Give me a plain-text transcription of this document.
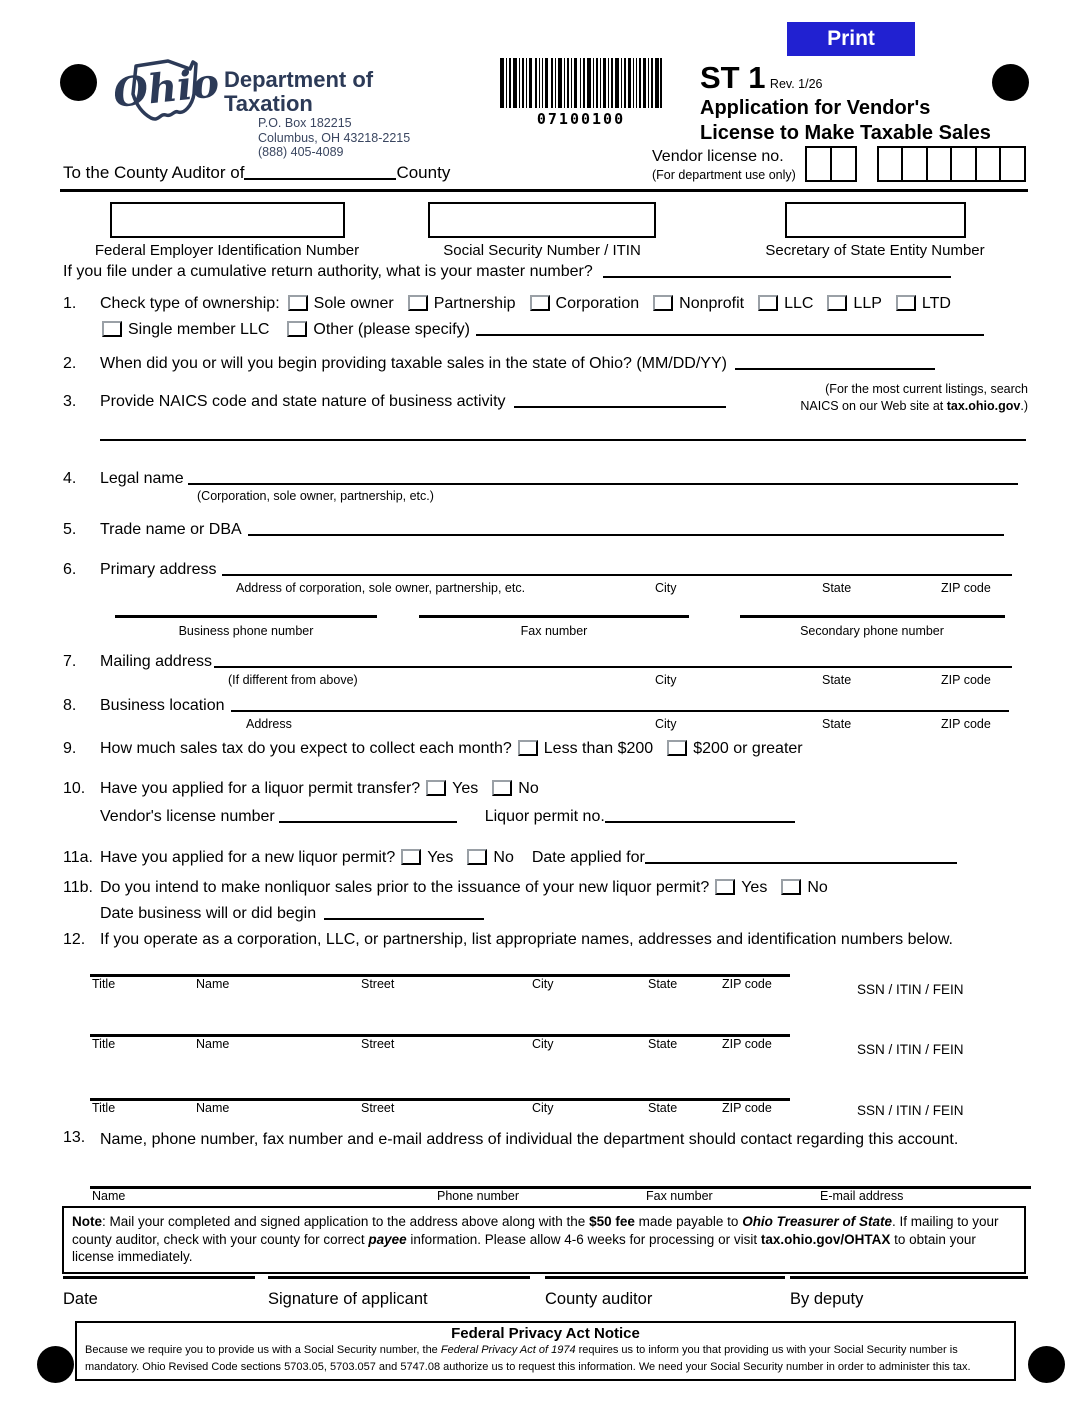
Print
Ohio Department of
Taxation
P.O. Box 182215
Columbus, OH 43218-2215
(888) 405-4089
07100100
ST 1 Rev. 1/26
Application for Vendor's
License to Make Taxable Sales
Vendor license no.
(For department use only)
To the County Auditor of	County
Federal Employer Identification Number	Social Security Number / ITIN	Secretary of State Entity Number
If you file under a cumulative return authority, what is your master number?
1.	Check type of ownership: Sole owner	Partnership	Corporation	Nonprofit	LLC	LLP	LTD
Single member LLC	Other (please specify)
2.	When did you or will you begin providing taxable sales in the state of Ohio? (MM/DD/YY)
3.	Provide NAICS code and state nature of business activity
(For the most current listings, search
NAICS on our Web site at tax.ohio.gov.)
4.	Legal name
(Corporation, sole owner, partnership, etc.)
5.	Trade name or DBA
6.	Primary address
Address of corporation, sole owner, partnership, etc.	City	State	ZIP code
Business phone number	Fax number	Secondary phone number
7.	Mailing address
(If different from above)	City	State	ZIP code
8.	Business location
Address	City	State	ZIP code
9.	How much sales tax do you expect to collect each month? Less than $200	$200 or greater
10. Have you applied for a liquor permit transfer? Yes	No
Vendor's license number	Liquor permit no.
11a. Have you applied for a new liquor permit? Yes	No Date applied for
11b. Do you intend to make nonliquor sales prior to the issuance of your new liquor permit? Yes	No
Date business will or did begin
12. If you operate as a corporation, LLC, or partnership, list appropriate names, addresses and identification numbers below.
Title	Name	Street	City	State	ZIP code	SSN / ITIN / FEIN
Title	Name	Street	City	State	ZIP code	SSN / ITIN / FEIN
Title	Name	Street	City	State	ZIP code	SSN / ITIN / FEIN
13. Name, phone number, fax number and e-mail address of individual the department should contact regarding this account.
Name	Phone number	Fax number	E-mail address
Note: Mail your completed and signed application to the address above along with the $50 fee made payable to Ohio Treasurer of State. If mailing to your county auditor, check with your county for correct payee information. Please allow 4-6 weeks for processing or visit tax.ohio.gov/OHTAX to obtain your license immediately.
Date	Signature of applicant	County auditor	By deputy
Federal Privacy Act Notice
Because we require you to provide us with a Social Security number, the Federal Privacy Act of 1974 requires us to inform you that providing us with your Social Security number is mandatory. Ohio Revised Code sections 5703.05, 5703.057 and 5747.08 authorize us to request this information. We need your Social Security number in order to administer this tax.
